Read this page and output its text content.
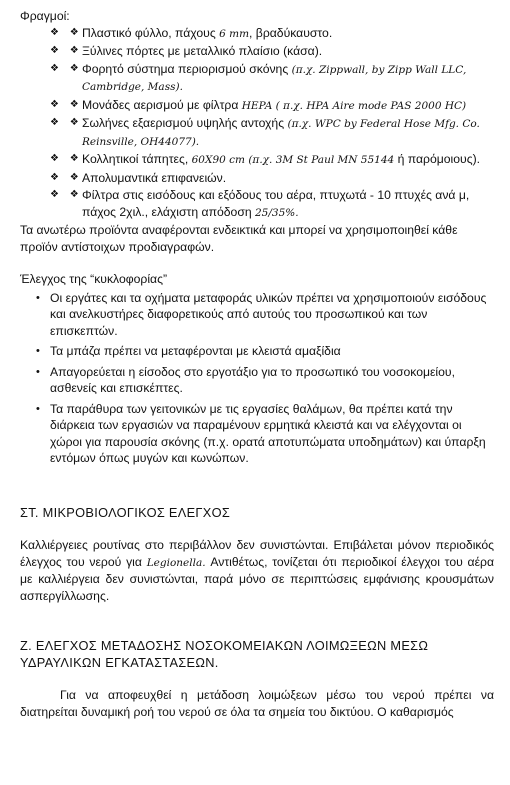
Φραγμοί:

❖ ❖ Πλαστικό φύλλο, πάχους 6 mm, βραδύκαυστο.
❖ ❖ Ξύλινες πόρτες με μεταλλικό πλαίσιο (κάσα).
❖ ❖ Φορητό σύστημα περιορισμού σκόνης (π.χ. Zippwall, by Zipp Wall LLC, Cambridge, Mass).
❖ ❖ Μονάδες αερισμού με φίλτρα HEPA ( π.χ. HPA Aire mode PAS 2000 HC)
❖ ❖ Σωλήνες εξαερισμού υψηλής αντοχής (π.χ. WPC by Federal Hose Mfg. Co. Reinsville, OH44077).
❖ ❖ Κολλητικοί τάπητες, 60X90 cm (π.χ. 3M St Paul MN 55144 ή παρόμοιους).
❖ ❖ Απολυμαντικά επιφανειών.
❖ ❖ Φίλτρα στις εισόδους και εξόδους του αέρα, πτυχωτά - 10 πτυχές ανά μ, πάχος 2χιλ., ελάχιστη απόδοση 25/35%.

Τα ανωτέρω προϊόντα αναφέρονται ενδεικτικά και μπορεί να χρησιμοποιηθεί κάθε προϊόν αντίστοιχων προδιαγραφών.

Έλεγχος της “κυκλοφορίας”

• Οι εργάτες και τα οχήματα μεταφοράς υλικών πρέπει να χρησιμοποιούν εισόδους και ανελκυστήρες διαφορετικούς από αυτούς του προσωπικού και των επισκεπτών.
• Τα μπάζα πρέπει να μεταφέρονται με κλειστά αμαξίδια
• Απαγορεύεται η είσοδος στο εργοτάξιο για το προσωπικό του νοσοκομείου, ασθενείς και επισκέπτες.
• Τα παράθυρα των γειτονικών με τις εργασίες θαλάμων, θα πρέπει κατά την διάρκεια των εργασιών να παραμένουν ερμητικά κλειστά και να ελέγχονται οι χώροι για παρουσία σκόνης (π.χ. ορατά αποτυπώματα υποδημάτων) και ύπαρξη εντόμων όπως μυγών και κωνώπων.

ΣΤ. ΜΙΚΡΟΒΙΟΛΟΓΙΚΟΣ ΕΛΕΓΧΟΣ

Καλλιέργειες ρουτίνας στο περιβάλλον δεν συνιστώνται. Επιβάλεται μόνον περιοδικός έλεγχος του νερού για Legionella. Αντιθέτως, τονίζεται ότι περιοδικοί έλεγχοι του αέρα με καλλιέργεια δεν συνιστώνται, παρά μόνο σε περιπτώσεις εμφάνισης κρουσμάτων ασπεργίλλωσης.

Ζ. ΕΛΕΓΧΟΣ ΜΕΤΑΔΟΣΗΣ ΝΟΣΟΚΟΜΕΙΑΚΩΝ ΛΟΙΜΩΞΕΩΝ ΜΕΣΩ ΥΔΡΑΥΛΙΚΩΝ ΕΓΚΑΤΑΣΤΑΣΕΩΝ.

Για να αποφευχθεί η μετάδοση λοιμώξεων μέσω του νερού πρέπει να διατηρείται δυναμική ροή του νερού σε όλα τα σημεία του δικτύου. Ο καθαρισμός
